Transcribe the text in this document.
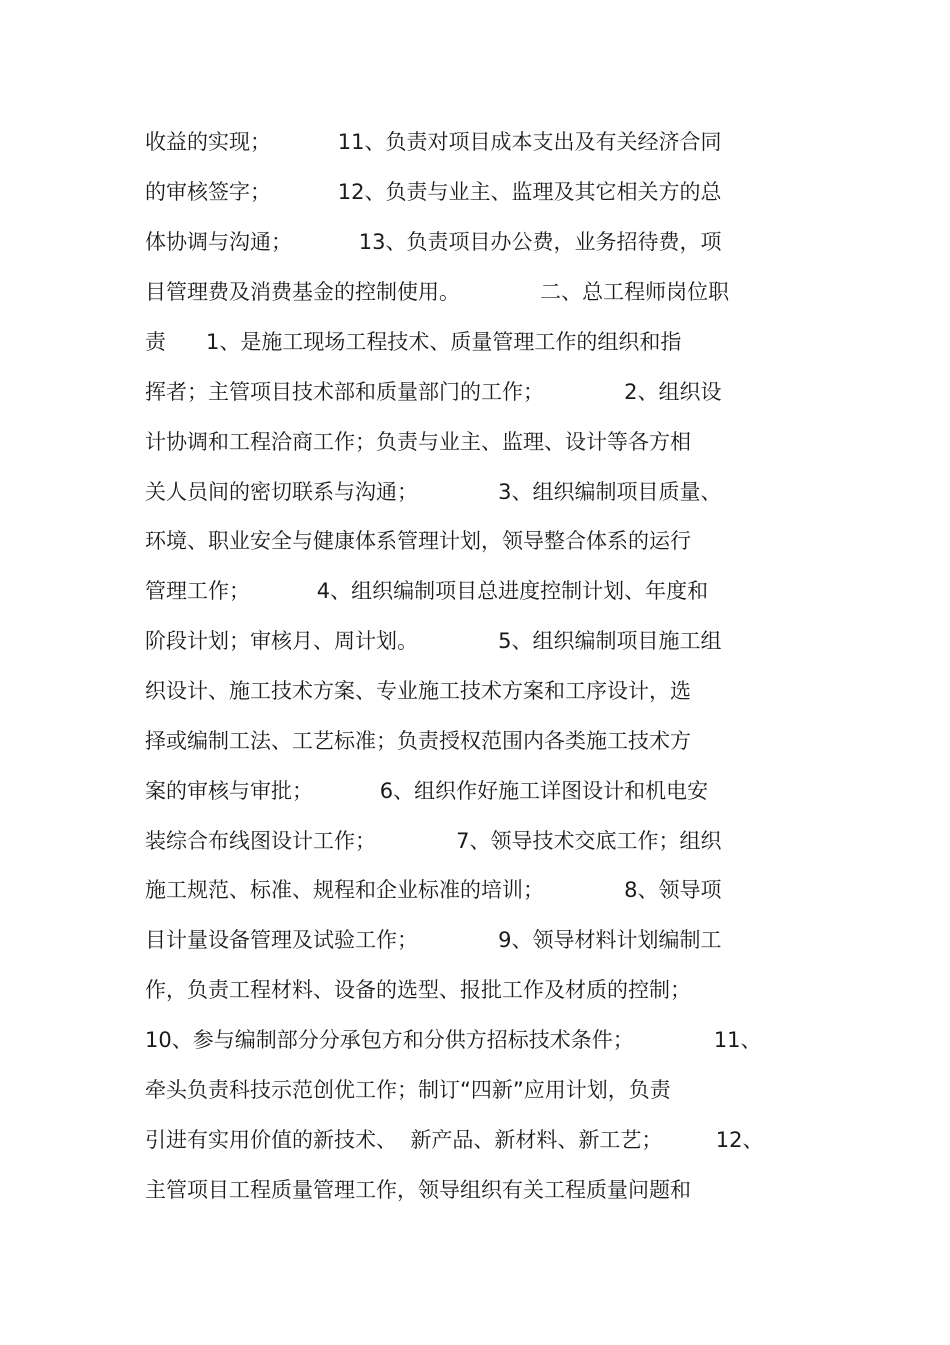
收益的实现；          11、负责对项目成本支出及有关经济合同
的审核签字；          12、负责与业主、监理及其它相关方的总
体协调与沟通；          13、负责项目办公费，业务招待费，项
目管理费及消费基金的控制使用。            二、总工程师岗位职
责      1、是施工现场工程技术、质量管理工作的组织和指
挥者；主管项目技术部和质量部门的工作；            2、组织设
计协调和工程洽商工作；负责与业主、监理、设计等各方相
关人员间的密切联系与沟通；            3、组织编制项目质量、
环境、职业安全与健康体系管理计划，领导整合体系的运行
管理工作；          4、组织编制项目总进度控制计划、年度和
阶段计划；审核月、周计划。            5、组织编制项目施工组
织设计、施工技术方案、专业施工技术方案和工序设计，选
择或编制工法、工艺标准；负责授权范围内各类施工技术方
案的审核与审批；          6、组织作好施工详图设计和机电安
装综合布线图设计工作；            7、领导技术交底工作；组织
施工规范、标准、规程和企业标准的培训；            8、领导项
目计量设备管理及试验工作；            9、领导材料计划编制工
作，负责工程材料、设备的选型、报批工作及材质的控制；
10、参与编制部分分承包方和分供方招标技术条件；            11、
牵头负责科技示范创优工作；制订“四新”应用计划，负责
引进有实用价值的新技术、  新产品、新材料、新工艺；        12、
主管项目工程质量管理工作，领导组织有关工程质量问题和
